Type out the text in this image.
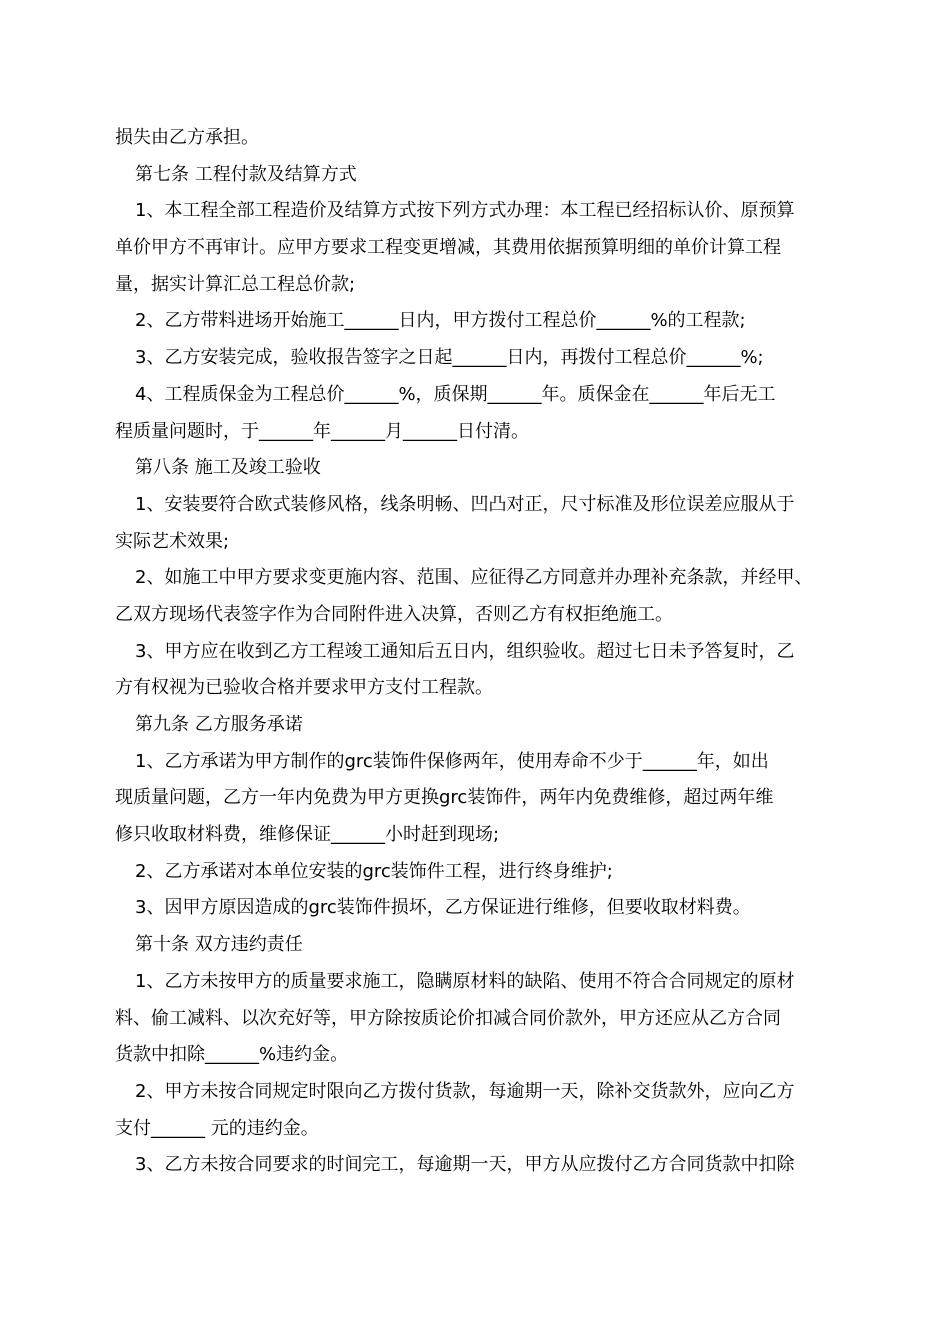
损失由乙方承担。
第七条 工程付款及结算方式
1、本工程全部工程造价及结算方式按下列方式办理：本工程已经招标认价、原预算
单价甲方不再审计。应甲方要求工程变更增减，其费用依据预算明细的单价计算工程
量，据实计算汇总工程总价款;
2、乙方带料进场开始施工______日内，甲方拨付工程总价______%的工程款;
3、乙方安装完成，验收报告签字之日起______日内，再拨付工程总价______%;
4、工程质保金为工程总价______%，质保期______年。质保金在______年后无工
程质量问题时，于______年______月______日付清。
第八条 施工及竣工验收
1、安装要符合欧式装修风格，线条明畅、凹凸对正，尺寸标准及形位误差应服从于
实际艺术效果;
2、如施工中甲方要求变更施内容、范围、应征得乙方同意并办理补充条款，并经甲、
乙双方现场代表签字作为合同附件进入决算，否则乙方有权拒绝施工。
3、甲方应在收到乙方工程竣工通知后五日内，组织验收。超过七日未予答复时，乙
方有权视为已验收合格并要求甲方支付工程款。
第九条 乙方服务承诺
1、乙方承诺为甲方制作的grc装饰件保修两年，使用寿命不少于______年，如出
现质量问题，乙方一年内免费为甲方更换grc装饰件，两年内免费维修，超过两年维
修只收取材料费，维修保证______小时赶到现场;
2、乙方承诺对本单位安装的grc装饰件工程，进行终身维护;
3、因甲方原因造成的grc装饰件损坏，乙方保证进行维修，但要收取材料费。
第十条 双方违约责任
1、乙方未按甲方的质量要求施工，隐瞒原材料的缺陷、使用不符合合同规定的原材
料、偷工减料、以次充好等，甲方除按质论价扣减合同价款外，甲方还应从乙方合同
货款中扣除______%违约金。
2、甲方未按合同规定时限向乙方拨付货款，每逾期一天，除补交货款外，应向乙方
支付______ 元的违约金。
3、乙方未按合同要求的时间完工，每逾期一天，甲方从应拨付乙方合同货款中扣除
